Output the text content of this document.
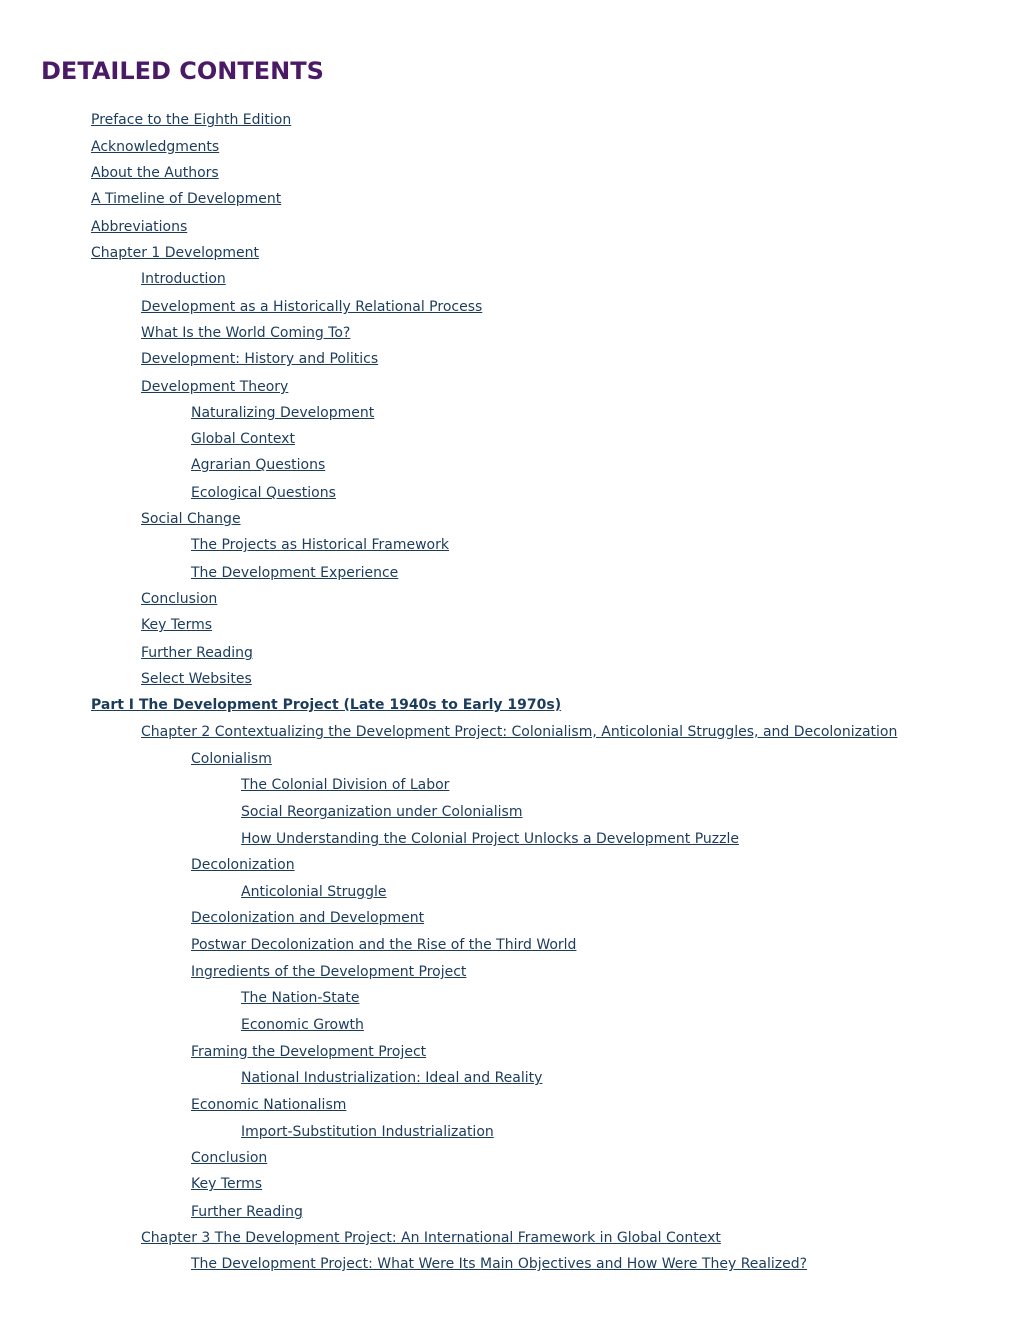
DETAILED CONTENTS
Preface to the Eighth Edition
Acknowledgments
About the Authors
A Timeline of Development
Abbreviations
Chapter 1 Development
Introduction
Development as a Historically Relational Process
What Is the World Coming To?
Development: History and Politics
Development Theory
Naturalizing Development
Global Context
Agrarian Questions
Ecological Questions
Social Change
The Projects as Historical Framework
The Development Experience
Conclusion
Key Terms
Further Reading
Select Websites
Part I The Development Project (Late 1940s to Early 1970s)
Chapter 2 Contextualizing the Development Project: Colonialism, Anticolonial Struggles, and Decolonization
Colonialism
The Colonial Division of Labor
Social Reorganization under Colonialism
How Understanding the Colonial Project Unlocks a Development Puzzle
Decolonization
Anticolonial Struggle
Decolonization and Development
Postwar Decolonization and the Rise of the Third World
Ingredients of the Development Project
The Nation-State
Economic Growth
Framing the Development Project
National Industrialization: Ideal and Reality
Economic Nationalism
Import-Substitution Industrialization
Conclusion
Key Terms
Further Reading
Chapter 3 The Development Project: An International Framework in Global Context
The Development Project: What Were Its Main Objectives and How Were They Realized?
